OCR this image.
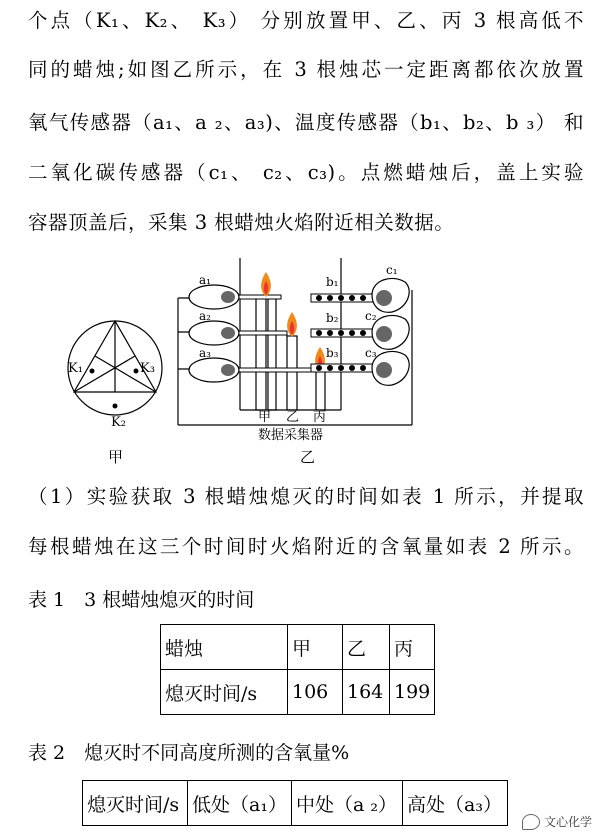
个点（K₁、K₂、 K₃） 分别放置甲、乙、丙 3 根高低不
同的蜡烛;如图乙所示，在 3 根烛芯一定距离都依次放置
氧气传感器（a₁、a ₂、a₃)、温度传感器（b₁、b₂、b ₃） 和
二氧化碳传感器（c₁、 c₂、c₃)。点燃蜡烛后，盖上实验
容器顶盖后，采集 3 根蜡烛火焰附近相关数据。
K₁	K₃
K₂
a₁
a₂
a₃
b₁
b₂
b₃
c₁
c₂
c₃
甲 乙 丙
数据采集器
甲	乙
（1）实验获取 3 根蜡烛熄灭的时间如表 1 所示，并提取
每根蜡烛在这三个时间时火焰附近的含氧量如表 2 所示。
表 1　3 根蜡烛熄灭的时间
蜡烛	甲	乙	丙
熄灭时间/s	106	164	199
表 2　熄灭时不同高度所测的含氧量%
熄灭时间/s	低处（a₁）	中处（a ₂）	高处（a₃）
文心化学
